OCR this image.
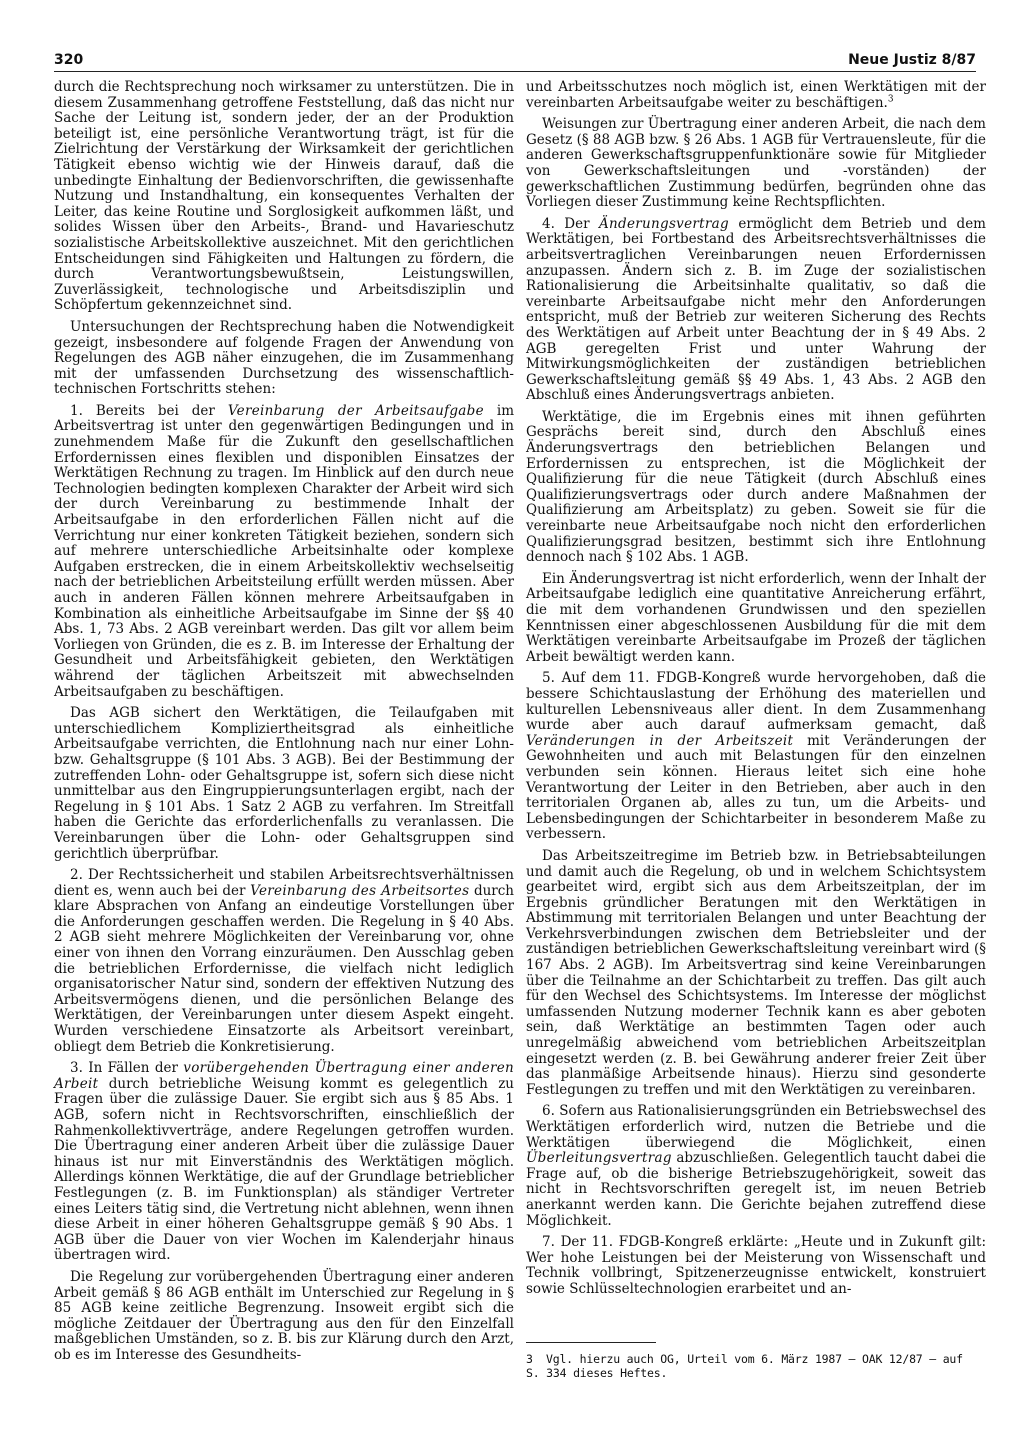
320	Neue Justiz 8/87

durch die Rechtsprechung noch wirksamer zu unterstützen. Die in diesem Zusammenhang getroffene Feststellung, daß das nicht nur Sache der Leitung ist, sondern jeder, der an der Produktion beteiligt ist, eine persönliche Verantwortung trägt, ist für die Zielrichtung der Verstärkung der Wirksamkeit der gerichtlichen Tätigkeit ebenso wichtig wie der Hinweis darauf, daß die unbedingte Einhaltung der Bedienvorschriften, die gewissenhafte Nutzung und Instandhaltung, ein konsequentes Verhalten der Leiter, das keine Routine und Sorglosigkeit aufkommen läßt, und solides Wissen über den Arbeits-, Brand- und Havarieschutz sozialistische Arbeitskollektive auszeichnet. Mit den gerichtlichen Entscheidungen sind Fähigkeiten und Haltungen zu fördern, die durch Verantwortungsbewußtsein, Leistungswillen, Zuverlässigkeit, technologische und Arbeitsdisziplin und Schöpfertum gekennzeichnet sind.

Untersuchungen der Rechtsprechung haben die Notwendigkeit gezeigt, insbesondere auf folgende Fragen der Anwendung von Regelungen des AGB näher einzugehen, die im Zusammenhang mit der umfassenden Durchsetzung des wissenschaftlich-technischen Fortschritts stehen:

1. Bereits bei der Vereinbarung der Arbeitsaufgabe im Arbeitsvertrag ist unter den gegenwärtigen Bedingungen und in zunehmendem Maße für die Zukunft den gesellschaftlichen Erfordernissen eines flexiblen und disponiblen Einsatzes der Werktätigen Rechnung zu tragen. Im Hinblick auf den durch neue Technologien bedingten komplexen Charakter der Arbeit wird sich der durch Vereinbarung zu bestimmende Inhalt der Arbeitsaufgabe in den erforderlichen Fällen nicht auf die Verrichtung nur einer konkreten Tätigkeit beziehen, sondern sich auf mehrere unterschiedliche Arbeitsinhalte oder komplexe Aufgaben erstrecken, die in einem Arbeitskollektiv wechselseitig nach der betrieblichen Arbeitsteilung erfüllt werden müssen. Aber auch in anderen Fällen können mehrere Arbeitsaufgaben in Kombination als einheitliche Arbeitsaufgabe im Sinne der §§ 40 Abs. 1, 73 Abs. 2 AGB vereinbart werden. Das gilt vor allem beim Vorliegen von Gründen, die es z. B. im Interesse der Erhaltung der Gesundheit und Arbeitsfähigkeit gebieten, den Werktätigen während der täglichen Arbeitszeit mit abwechselnden Arbeitsaufgaben zu beschäftigen.

Das AGB sichert den Werktätigen, die Teilaufgaben mit unterschiedlichem Kompliziertheitsgrad als einheitliche Arbeitsaufgabe verrichten, die Entlohnung nach nur einer Lohn- bzw. Gehaltsgruppe (§ 101 Abs. 3 AGB). Bei der Bestimmung der zutreffenden Lohn- oder Gehaltsgruppe ist, sofern sich diese nicht unmittelbar aus den Eingruppierungsunterlagen ergibt, nach der Regelung in § 101 Abs. 1 Satz 2 AGB zu verfahren. Im Streitfall haben die Gerichte das erforderlichenfalls zu veranlassen. Die Vereinbarungen über die Lohn- oder Gehaltsgruppen sind gerichtlich überprüfbar.

2. Der Rechtssicherheit und stabilen Arbeitsrechtsverhältnissen dient es, wenn auch bei der Vereinbarung des Arbeitsortes durch klare Absprachen von Anfang an eindeutige Vorstellungen über die Anforderungen geschaffen werden. Die Regelung in § 40 Abs. 2 AGB sieht mehrere Möglichkeiten der Vereinbarung vor, ohne einer von ihnen den Vorrang einzuräumen. Den Ausschlag geben die betrieblichen Erfordernisse, die vielfach nicht lediglich organisatorischer Natur sind, sondern der effektiven Nutzung des Arbeitsvermögens dienen, und die persönlichen Belange des Werktätigen, der Vereinbarungen unter diesem Aspekt eingeht. Wurden verschiedene Einsatzorte als Arbeitsort vereinbart, obliegt dem Betrieb die Konkretisierung.

3. In Fällen der vorübergehenden Übertragung einer anderen Arbeit durch betriebliche Weisung kommt es gelegentlich zu Fragen über die zulässige Dauer. Sie ergibt sich aus § 85 Abs. 1 AGB, sofern nicht in Rechtsvorschriften, einschließlich der Rahmenkollektivverträge, andere Regelungen getroffen wurden. Die Übertragung einer anderen Arbeit über die zulässige Dauer hinaus ist nur mit Einverständnis des Werktätigen möglich. Allerdings können Werktätige, die auf der Grundlage betrieblicher Festlegungen (z. B. im Funktionsplan) als ständiger Vertreter eines Leiters tätig sind, die Vertretung nicht ablehnen, wenn ihnen diese Arbeit in einer höheren Gehaltsgruppe gemäß § 90 Abs. 1 AGB über die Dauer von vier Wochen im Kalenderjahr hinaus übertragen wird.

Die Regelung zur vorübergehenden Übertragung einer anderen Arbeit gemäß § 86 AGB enthält im Unterschied zur Regelung in § 85 AGB keine zeitliche Begrenzung. Insoweit ergibt sich die mögliche Zeitdauer der Übertragung aus den für den Einzelfall maßgeblichen Umständen, so z. B. bis zur Klärung durch den Arzt, ob es im Interesse des Gesundheits-

und Arbeitsschutzes noch möglich ist, einen Werktätigen mit der vereinbarten Arbeitsaufgabe weiter zu beschäftigen.$^3$

Weisungen zur Übertragung einer anderen Arbeit, die nach dem Gesetz (§ 88 AGB bzw. § 26 Abs. 1 AGB für Vertrauensleute, für die anderen Gewerkschaftsgruppenfunktionäre sowie für Mitglieder von Gewerkschaftsleitungen und -vorständen) der gewerkschaftlichen Zustimmung bedürfen, begründen ohne das Vorliegen dieser Zustimmung keine Rechtspflichten.

4. Der Änderungsvertrag ermöglicht dem Betrieb und dem Werktätigen, bei Fortbestand des Arbeitsrechtsverhältnisses die arbeitsvertraglichen Vereinbarungen neuen Erfordernissen anzupassen. Ändern sich z. B. im Zuge der sozialistischen Rationalisierung die Arbeitsinhalte qualitativ, so daß die vereinbarte Arbeitsaufgabe nicht mehr den Anforderungen entspricht, muß der Betrieb zur weiteren Sicherung des Rechts des Werktätigen auf Arbeit unter Beachtung der in § 49 Abs. 2 AGB geregelten Frist und unter Wahrung der Mitwirkungsmöglichkeiten der zuständigen betrieblichen Gewerkschaftsleitung gemäß §§ 49 Abs. 1, 43 Abs. 2 AGB den Abschluß eines Änderungsvertrags anbieten.

Werktätige, die im Ergebnis eines mit ihnen geführten Gesprächs bereit sind, durch den Abschluß eines Änderungsvertrags den betrieblichen Belangen und Erfordernissen zu entsprechen, ist die Möglichkeit der Qualifizierung für die neue Tätigkeit (durch Abschluß eines Qualifizierungsvertrags oder durch andere Maßnahmen der Qualifizierung am Arbeitsplatz) zu geben. Soweit sie für die vereinbarte neue Arbeitsaufgabe noch nicht den erforderlichen Qualifizierungsgrad besitzen, bestimmt sich ihre Entlohnung dennoch nach § 102 Abs. 1 AGB.

Ein Änderungsvertrag ist nicht erforderlich, wenn der Inhalt der Arbeitsaufgabe lediglich eine quantitative Anreicherung erfährt, die mit dem vorhandenen Grundwissen und den speziellen Kenntnissen einer abgeschlossenen Ausbildung für die mit dem Werktätigen vereinbarte Arbeitsaufgabe im Prozeß der täglichen Arbeit bewältigt werden kann.

5. Auf dem 11. FDGB-Kongreß wurde hervorgehoben, daß die bessere Schichtauslastung der Erhöhung des materiellen und kulturellen Lebensniveaus aller dient. In dem Zusammenhang wurde aber auch darauf aufmerksam gemacht, daß Veränderungen in der Arbeitszeit mit Veränderungen der Gewohnheiten und auch mit Belastungen für den einzelnen verbunden sein können. Hieraus leitet sich eine hohe Verantwortung der Leiter in den Betrieben, aber auch in den territorialen Organen ab, alles zu tun, um die Arbeits- und Lebensbedingungen der Schichtarbeiter in besonderem Maße zu verbessern.

Das Arbeitszeitregime im Betrieb bzw. in Betriebsabteilungen und damit auch die Regelung, ob und in welchem Schichtsystem gearbeitet wird, ergibt sich aus dem Arbeitszeitplan, der im Ergebnis gründlicher Beratungen mit den Werktätigen in Abstimmung mit territorialen Belangen und unter Beachtung der Verkehrsverbindungen zwischen dem Betriebsleiter und der zuständigen betrieblichen Gewerkschaftsleitung vereinbart wird (§ 167 Abs. 2 AGB). Im Arbeitsvertrag sind keine Vereinbarungen über die Teilnahme an der Schichtarbeit zu treffen. Das gilt auch für den Wechsel des Schichtsystems. Im Interesse der möglichst umfassenden Nutzung moderner Technik kann es aber geboten sein, daß Werktätige an bestimmten Tagen oder auch unregelmäßig abweichend vom betrieblichen Arbeitszeitplan eingesetzt werden (z. B. bei Gewährung anderer freier Zeit über das planmäßige Arbeitsende hinaus). Hierzu sind gesonderte Festlegungen zu treffen und mit den Werktätigen zu vereinbaren.

6. Sofern aus Rationalisierungsgründen ein Betriebswechsel des Werktätigen erforderlich wird, nutzen die Betriebe und die Werktätigen überwiegend die Möglichkeit, einen Überleitungsvertrag abzuschließen. Gelegentlich taucht dabei die Frage auf, ob die bisherige Betriebszugehörigkeit, soweit das nicht in Rechtsvorschriften geregelt ist, im neuen Betrieb anerkannt werden kann. Die Gerichte bejahen zutreffend diese Möglichkeit.

7. Der 11. FDGB-Kongreß erklärte: „Heute und in Zukunft gilt: Wer hohe Leistungen bei der Meisterung von Wissenschaft und Technik vollbringt, Spitzenerzeugnisse entwickelt, konstruiert sowie Schlüsseltechnologien erarbeitet und an-

3 Vgl. hierzu auch OG, Urteil vom 6. März 1987 – OAK 12/87 – auf S. 334 dieses Heftes.
